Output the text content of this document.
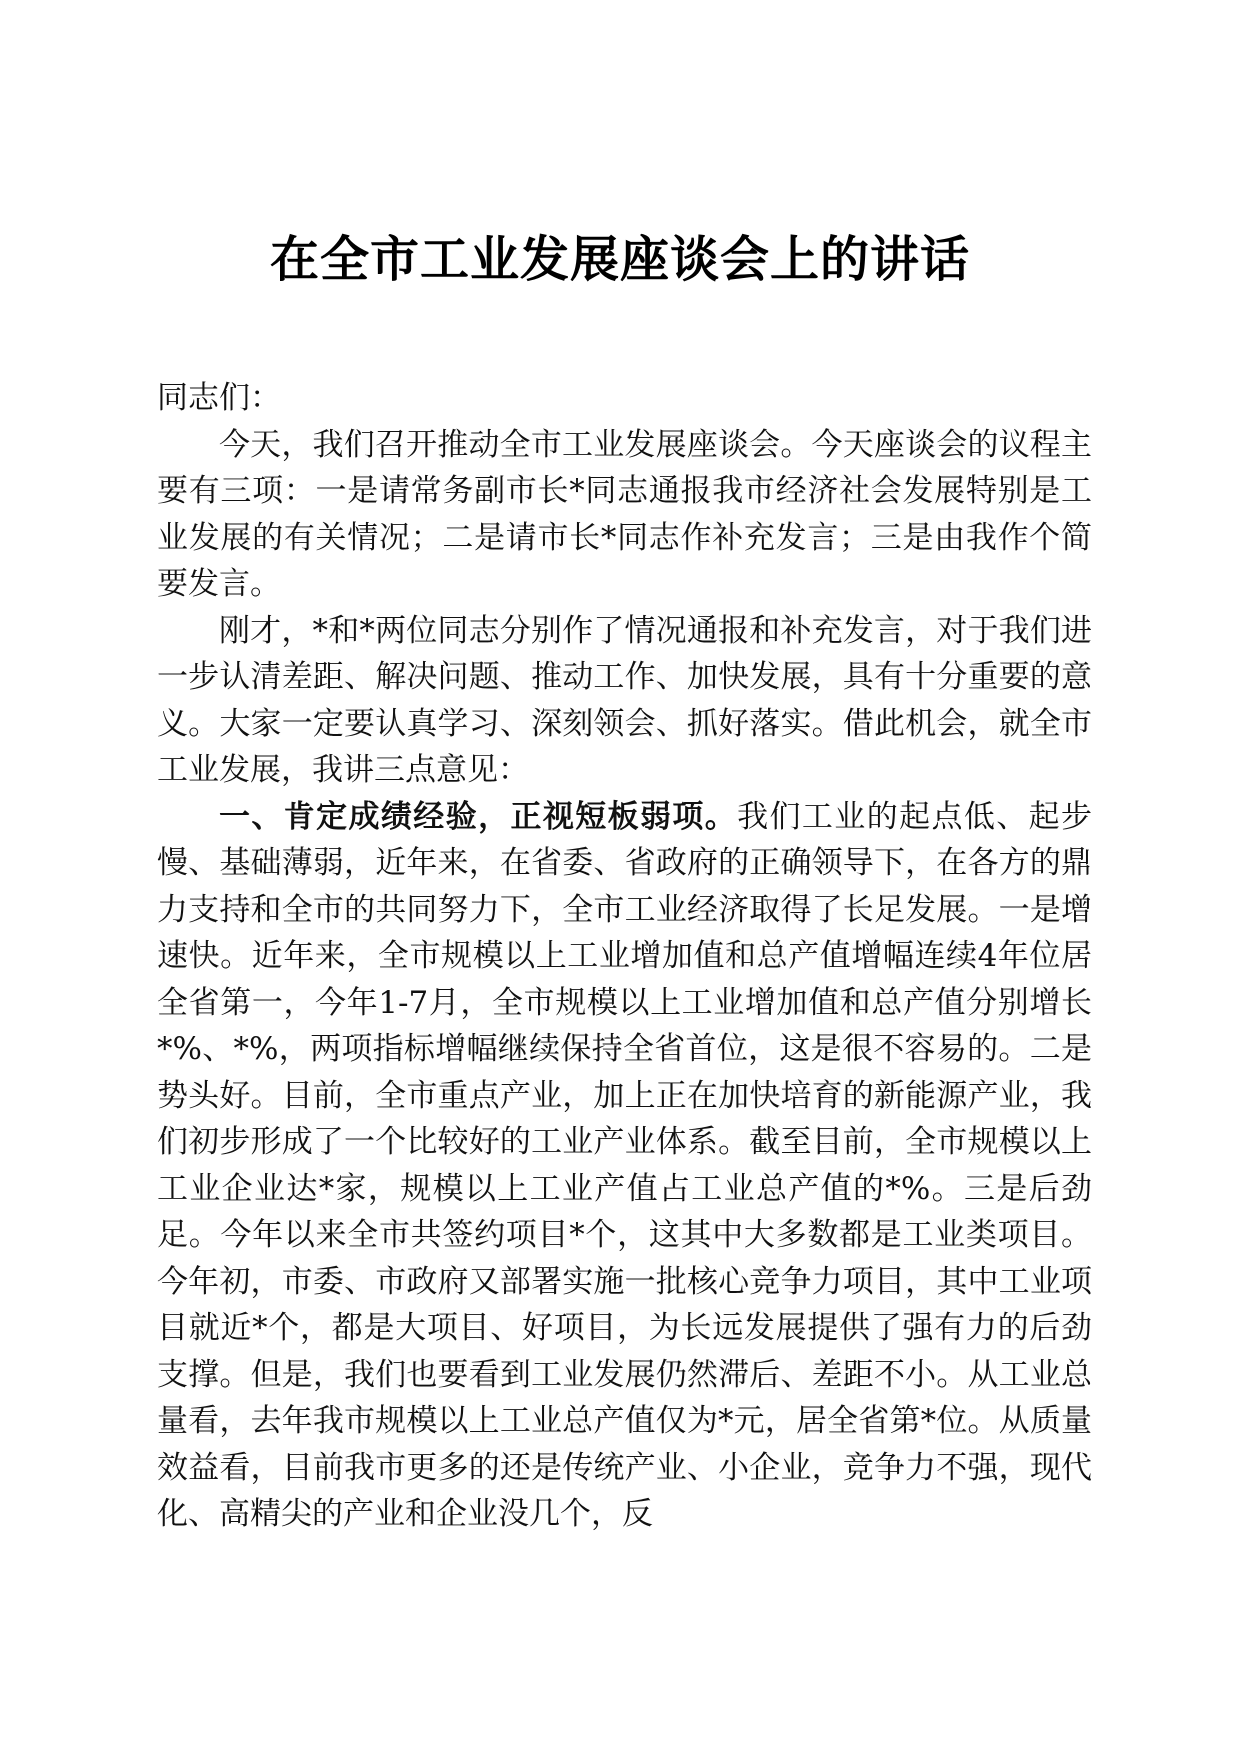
在全市工业发展座谈会上的讲话

同志们：

今天，我们召开推动全市工业发展座谈会。今天座谈会的议程主要有三项：一是请常务副市长*同志通报我市经济社会发展特别是工业发展的有关情况；二是请市长*同志作补充发言；三是由我作个简要发言。

刚才，*和*两位同志分别作了情况通报和补充发言，对于我们进一步认清差距、解决问题、推动工作、加快发展，具有十分重要的意义。大家一定要认真学习、深刻领会、抓好落实。借此机会，就全市工业发展，我讲三点意见：

一、肯定成绩经验，正视短板弱项。我们工业的起点低、起步慢、基础薄弱，近年来，在省委、省政府的正确领导下，在各方的鼎力支持和全市的共同努力下，全市工业经济取得了长足发展。一是增速快。近年来，全市规模以上工业增加值和总产值增幅连续4年位居全省第一，今年1-7月，全市规模以上工业增加值和总产值分别增长*%、*%，两项指标增幅继续保持全省首位，这是很不容易的。二是势头好。目前，全市重点产业，加上正在加快培育的新能源产业，我们初步形成了一个比较好的工业产业体系。截至目前，全市规模以上工业企业达*家，规模以上工业产值占工业总产值的*%。三是后劲足。今年以来全市共签约项目*个，这其中大多数都是工业类项目。今年初，市委、市政府又部署实施一批核心竞争力项目，其中工业项目就近*个，都是大项目、好项目，为长远发展提供了强有力的后劲支撑。但是，我们也要看到工业发展仍然滞后、差距不小。从工业总量看，去年我市规模以上工业总产值仅为*元，居全省第*位。从质量效益看，目前我市更多的还是传统产业、小企业，竞争力不强，现代化、高精尖的产业和企业没几个，反
